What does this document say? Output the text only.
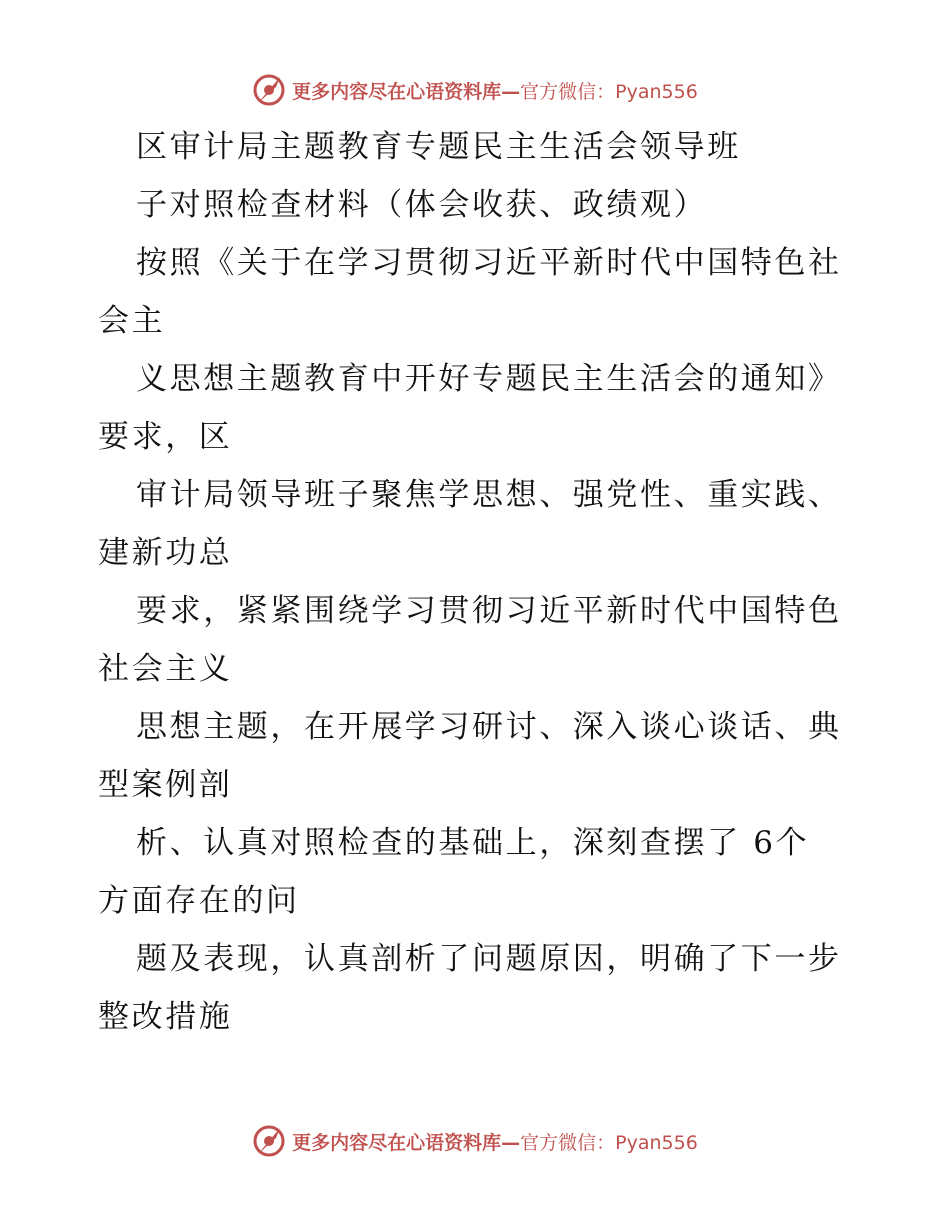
更多内容尽在心语资料库— 官方微信：Pyan556
区审计局主题教育专题民主生活会领导班
子对照检查材料（体会收获、政绩观）
按照《关于在学习贯彻习近平新时代中国特色社
会主
义思想主题教育中开好专题民主生活会的通知》
要求，区
审计局领导班子聚焦学思想、强党性、重实践、
建新功总
要求，紧紧围绕学习贯彻习近平新时代中国特色
社会主义
思想主题，在开展学习研讨、深入谈心谈话、典
型案例剖
析、认真对照检查的基础上，深刻查摆了 6个
方面存在的问
题及表现，认真剖析了问题原因，明确了下一步
整改措施
更多内容尽在心语资料库— 官方微信：Pyan556
